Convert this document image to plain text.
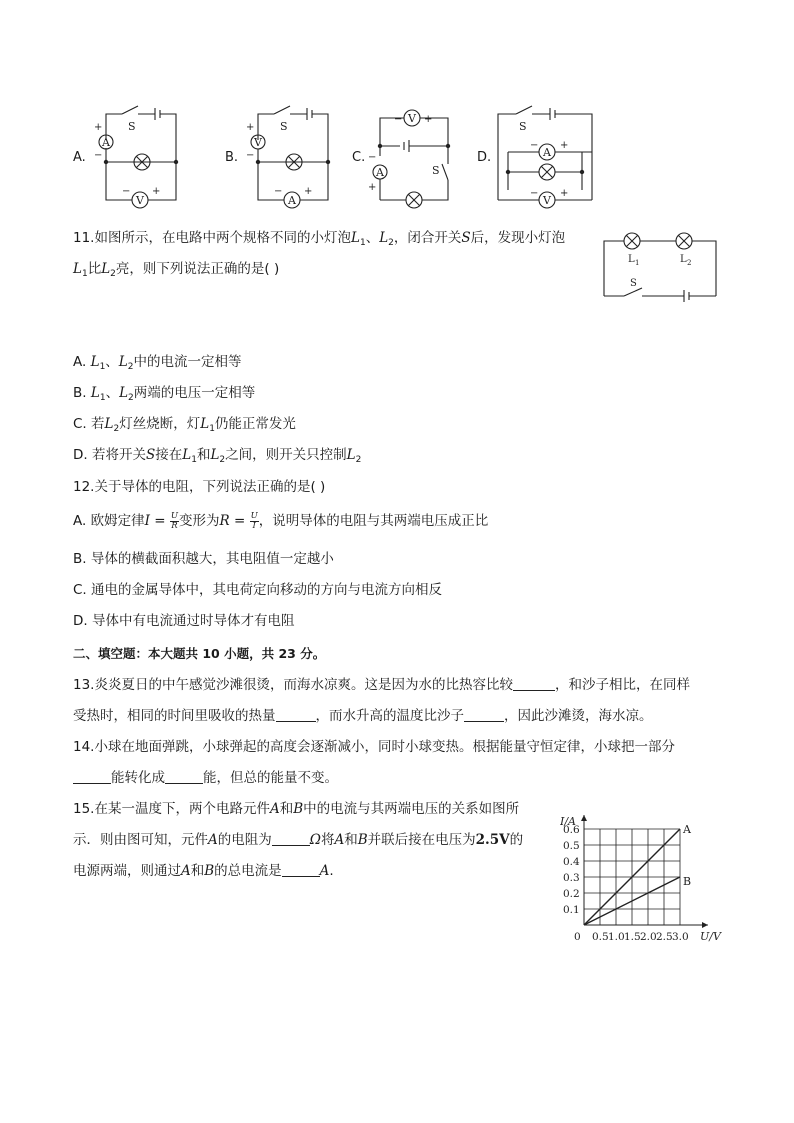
A.	B.	C.	D.
A
V
S
V
A
S
V
A	S
A
V
S
+
−
− +
+
−
− +
− +
−
+
− +
− +
11.如图所示，在电路中两个规格不同的小灯泡$L_1$、$L_2$，闭合开关S后，发现小灯泡
$L_1$比$L_2$亮，则下列说法正确的是( )
L 1	L 2
S
A. $L_1$、$L_2$中的电流一定相等
B. $L_1$、$L_2$两端的电压一定相等
C. 若$L_2$灯丝烧断，灯$L_1$仍能正常发光
D. 若将开关S接在$L_1$和$L_2$之间，则开关只控制$L_2$
12.关于导体的电阻，下列说法正确的是( )
A. 欧姆定律$I = \frac{U}{R}$ 变形为$R = \frac{U}{I}$ ，说明导体的电阻与其两端电压成正比
B. 导体的横截面积越大，其电阻值一定越小
C. 通电的金属导体中，其电荷定向移动的方向与电流方向相反
D. 导体中有电流通过时导体才有电阻
二、填空题：本大题共 10 小题，共 23 分。
13.炎炎夏日的中午感觉沙滩很烫，而海水凉爽。这是因为水的比热容比较	，和沙子相比，在同样
受热时，相同的时间里吸收的热量	，而水升高的温度比沙子	，因此沙滩烫，海水凉。
14.小球在地面弹跳，小球弹起的高度会逐渐减小，同时小球变热。根据能量守恒定律，小球把一部分
能转化成	能，但总的能量不变。
15.在某一温度下，两个电路元件A和B中的电流与其两端电压的关系如图所
示．则由图可知，元件A的电阻为	Ω将A和B并联后接在电压为2.5V的
电源两端，则通过A和B的总电流是	A.
0.5 1.0 1.5 2.0 2.5 3.0
0.1
0.2
0.3
0.4
0.5
0.6
0	U/V
I/A
A
B
